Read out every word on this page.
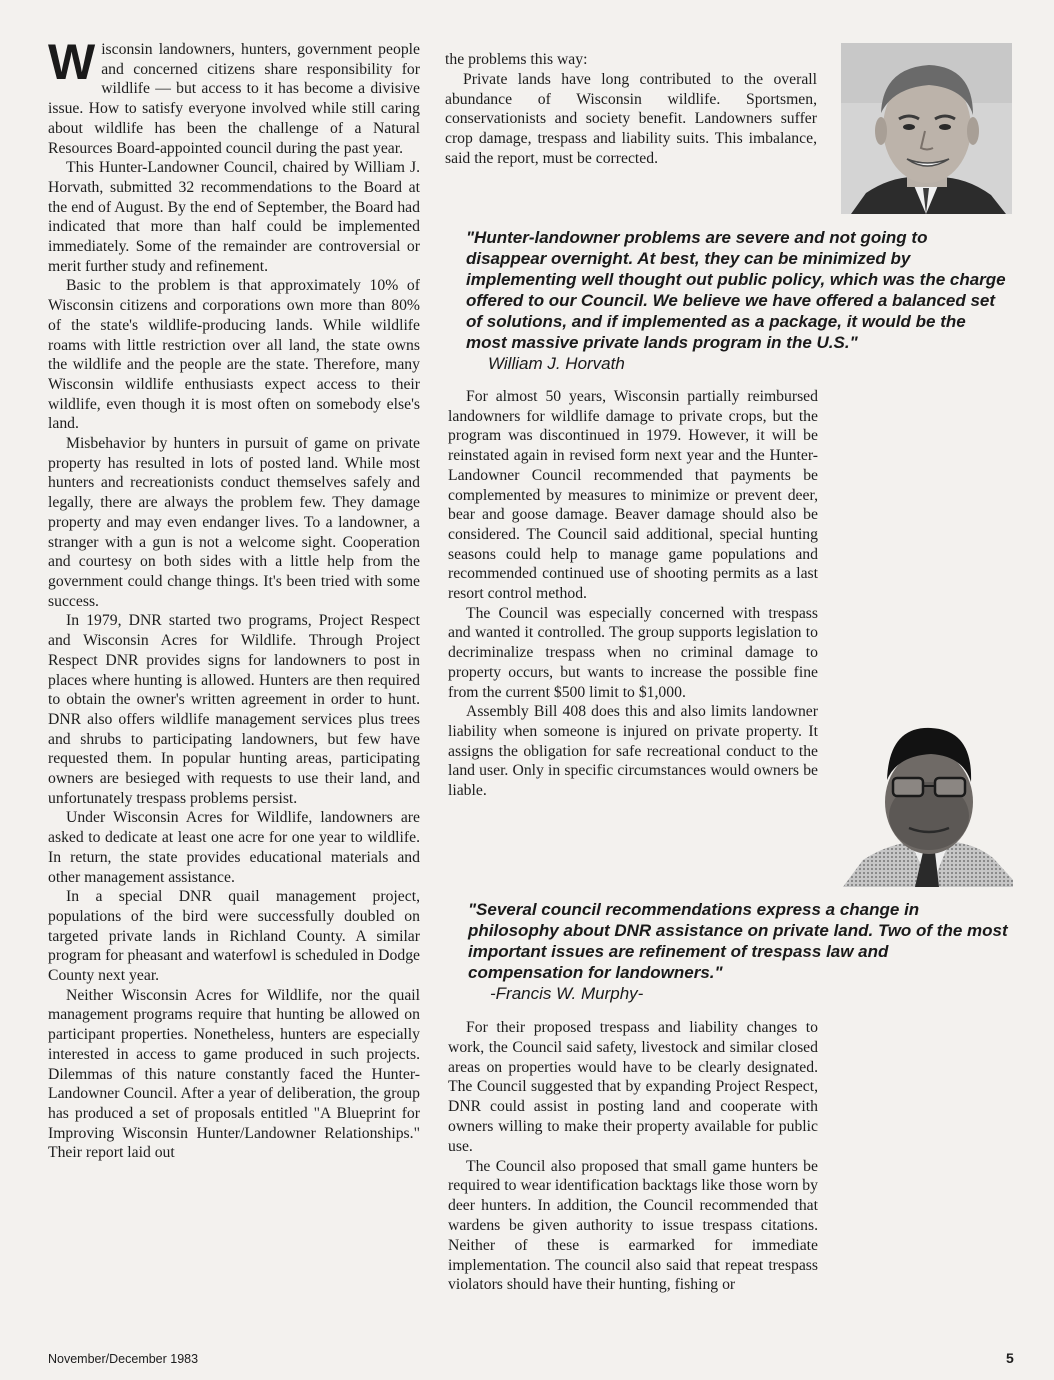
Wisconsin landowners, hunters, government people and concerned citizens share responsibility for wildlife — but access to it has become a divisive issue. How to satisfy everyone involved while still caring about wildlife has been the challenge of a Natural Resources Board-appointed council during the past year.

This Hunter-Landowner Council, chaired by William J. Horvath, submitted 32 recommendations to the Board at the end of August. By the end of September, the Board had indicated that more than half could be implemented immediately. Some of the remainder are controversial or merit further study and refinement.

Basic to the problem is that approximately 10% of Wisconsin citizens and corporations own more than 80% of the state's wildlife-producing lands. While wildlife roams with little restriction over all land, the state owns the wildlife and the people are the state. Therefore, many Wisconsin wildlife enthusiasts expect access to their wildlife, even though it is most often on somebody else's land.

Misbehavior by hunters in pursuit of game on private property has resulted in lots of posted land. While most hunters and recreationists conduct themselves safely and legally, there are always the problem few. They damage property and may even endanger lives. To a landowner, a stranger with a gun is not a welcome sight. Cooperation and courtesy on both sides with a little help from the government could change things. It's been tried with some success.

In 1979, DNR started two programs, Project Respect and Wisconsin Acres for Wildlife. Through Project Respect DNR provides signs for landowners to post in places where hunting is allowed. Hunters are then required to obtain the owner's written agreement in order to hunt. DNR also offers wildlife management services plus trees and shrubs to participating landowners, but few have requested them. In popular hunting areas, participating owners are besieged with requests to use their land, and unfortunately trespass problems persist.

Under Wisconsin Acres for Wildlife, landowners are asked to dedicate at least one acre for one year to wildlife. In return, the state provides educational materials and other management assistance.

In a special DNR quail management project, populations of the bird were successfully doubled on targeted private lands in Richland County. A similar program for pheasant and waterfowl is scheduled in Dodge County next year.

Neither Wisconsin Acres for Wildlife, nor the quail management programs require that hunting be allowed on participant properties. Nonetheless, hunters are especially interested in access to game produced in such projects. Dilemmas of this nature constantly faced the Hunter-Landowner Council. After a year of deliberation, the group has produced a set of proposals entitled "A Blueprint for Improving Wisconsin Hunter/Landowner Relationships." Their report laid out

the problems this way:

Private lands have long contributed to the overall abundance of Wisconsin wildlife. Sportsmen, conservationists and society benefit. Landowners suffer crop damage, trespass and liability suits. This imbalance, said the report, must be corrected.

"Hunter-landowner problems are severe and not going to disappear overnight. At best, they can be minimized by implementing well thought out public policy, which was the charge offered to our Council. We believe we have offered a balanced set of solutions, and if implemented as a package, it would be the most massive private lands program in the U.S."
William J. Horvath

For almost 50 years, Wisconsin partially reimbursed landowners for wildlife damage to private crops, but the program was discontinued in 1979. However, it will be reinstated again in revised form next year and the Hunter-Landowner Council recommended that payments be complemented by measures to minimize or prevent deer, bear and goose damage. Beaver damage should also be considered. The Council said additional, special hunting seasons could help to manage game populations and recommended continued use of shooting permits as a last resort control method.

The Council was especially concerned with trespass and wanted it controlled. The group supports legislation to decriminalize trespass when no criminal damage to property occurs, but wants to increase the possible fine from the current $500 limit to $1,000.

Assembly Bill 408 does this and also limits landowner liability when someone is injured on private property. It assigns the obligation for safe recreational conduct to the land user. Only in specific circumstances would owners be liable.

"Several council recommendations express a change in philosophy about DNR assistance on private land. Two of the most important issues are refinement of trespass law and compensation for landowners."
-Francis W. Murphy-

For their proposed trespass and liability changes to work, the Council said safety, livestock and similar closed areas on properties would have to be clearly designated. The Council suggested that by expanding Project Respect, DNR could assist in posting land and cooperate with owners willing to make their property available for public use.

The Council also proposed that small game hunters be required to wear identification backtags like those worn by deer hunters. In addition, the Council recommended that wardens be given authority to issue trespass citations. Neither of these is earmarked for immediate implementation. The council also said that repeat trespass violators should have their hunting, fishing or

November/December 1983	5
